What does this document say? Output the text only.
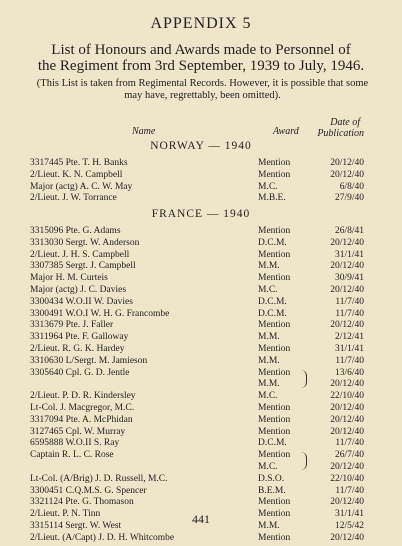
APPENDIX 5
List of Honours and Awards made to Personnel of
the Regiment from 3rd September, 1939 to July, 1946.
(This List is taken from Regimental Records. However, it is possible that some may have, regrettably, been omitted).
Name	Award
Date of
Publication
NORWAY — 1940
3317445 Pte. T. H. Banks	Mention	20/12/40
2/Lieut. K. N. Campbell	Mention	20/12/40
Major (actg) A. C. W. May	M.C.	6/8/40
2/Lieut. J. W. Torrance	M.B.E.	27/9/40
FRANCE — 1940
3315096 Pte. G. Adams	Mention	26/8/41
3313030 Sergt. W. Anderson	D.C.M.	20/12/40
2/Lieut. J. H. S. Campbell	Mention	31/1/41
3307385 Sergt. J. Campbell	M.M.	20/12/40
Major H. M. Curteis	Mention	30/9/41
Major (actg) J. C. Davies	M.C.	20/12/40
3300434 W.O.II W. Davies	D.C.M.	11/7/40
3300491 W.O.I W. H. G. Francombe	D.C.M.	11/7/40
3313679 Pte. J. Faller	Mention	20/12/40
3311964 Pte. F. Galloway	M.M.	2/12/41
2/Lieut. R. G. K. Hardey	Mention	31/1/41
3310630 L/Sergt. M. Jamieson	M.M.	11/7/40
3305640 Cpl. G. D. Jentle	Mention	13/6/40
M.M.	20/12/40
2/Lieut. P. D. R. Kindersley	M.C.	22/10/40
Lt-Col. J. Macgregor, M.C.	Mention	20/12/40
3317094 Pte. A. McPhidan	Mention	20/12/40
3127465 Cpl. W. Murray	Mention	20/12/40
6595888 W.O.II S. Ray	D.C.M.	11/7/40
Captain R. L. C. Rose	Mention	26/7/40
M.C.	20/12/40
Lt-Col. (A/Brig) J. D. Russell, M.C.	D.S.O.	22/10/40
3300451 C.Q.M.S. G. Spencer	B.E.M.	11/7/40
3321124 Pte. G. Thomason	Mention	20/12/40
2/Lieut. P. N. Tinn	Mention	31/1/41
3315114 Sergt. W. West	M.M.	12/5/42
2/Lieut. (A/Capt) J. D. H. Whitcombe	Mention	20/12/40
441
